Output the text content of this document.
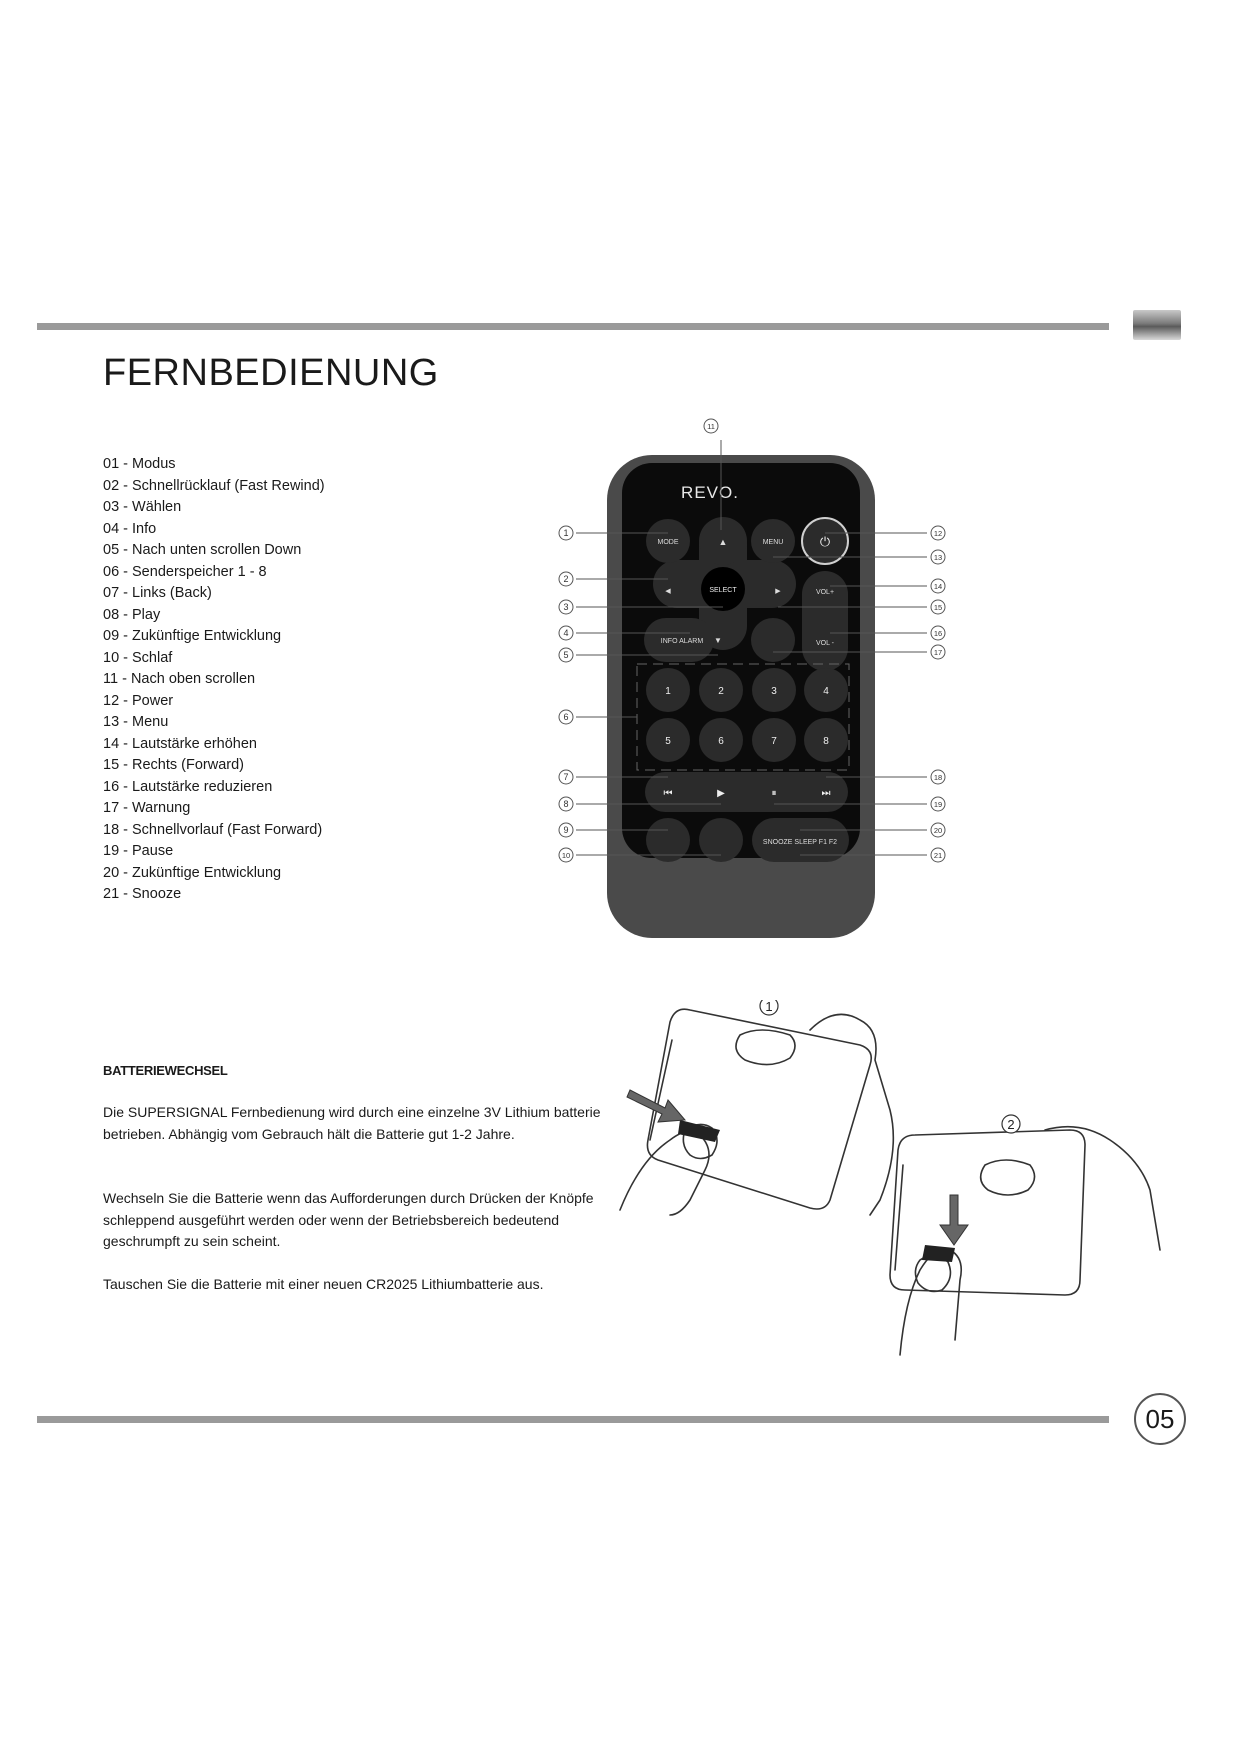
FERNBEDIENUNG
01 - Modus
02 - Schnellrücklauf (Fast Rewind)
03 - Wählen
04 - Info
05 - Nach unten scrollen Down
06 - Senderspeicher 1 - 8
07 - Links (Back)
08 - Play
09 - Zukünftige Entwicklung
10 - Schlaf
11 - Nach oben scrollen
12 - Power
13 - Menu
14 - Lautstärke erhöhen
15 - Rechts (Forward)
16 - Lautstärke reduzieren
17 - Warnung
18 - Schnellvorlauf (Fast Forward)
19 - Pause
20 - Zukünftige Entwicklung
21 - Snooze
REVO.
▲
SELECT
◀	▶
▼
MODE	MENU	⏻
VOL+
VOL -
INFO ALARM
1	2	3	4
5	6	7	8
⏮	▶	⏸	⏭
SNOOZE SLEEP F1 F2
1
2
3
4
5
6
7
8
9
10
11
12
13
14
15
16
17
18
19
20
21
BATTERIEWECHSEL

Die SUPERSIGNAL Fernbedienung wird durch eine einzelne 3V Lithium batterie betrieben. Abhängig vom Gebrauch hält die Batterie gut 1-2 Jahre.

Wechseln Sie die Batterie wenn das Aufforderungen durch Drücken der Knöpfe schleppend ausgeführt werden oder wenn der Betriebsbereich bedeutend geschrumpft zu sein scheint.

Tauschen Sie die Batterie mit einer neuen CR2025 Lithiumbatterie aus.

1
2
05
